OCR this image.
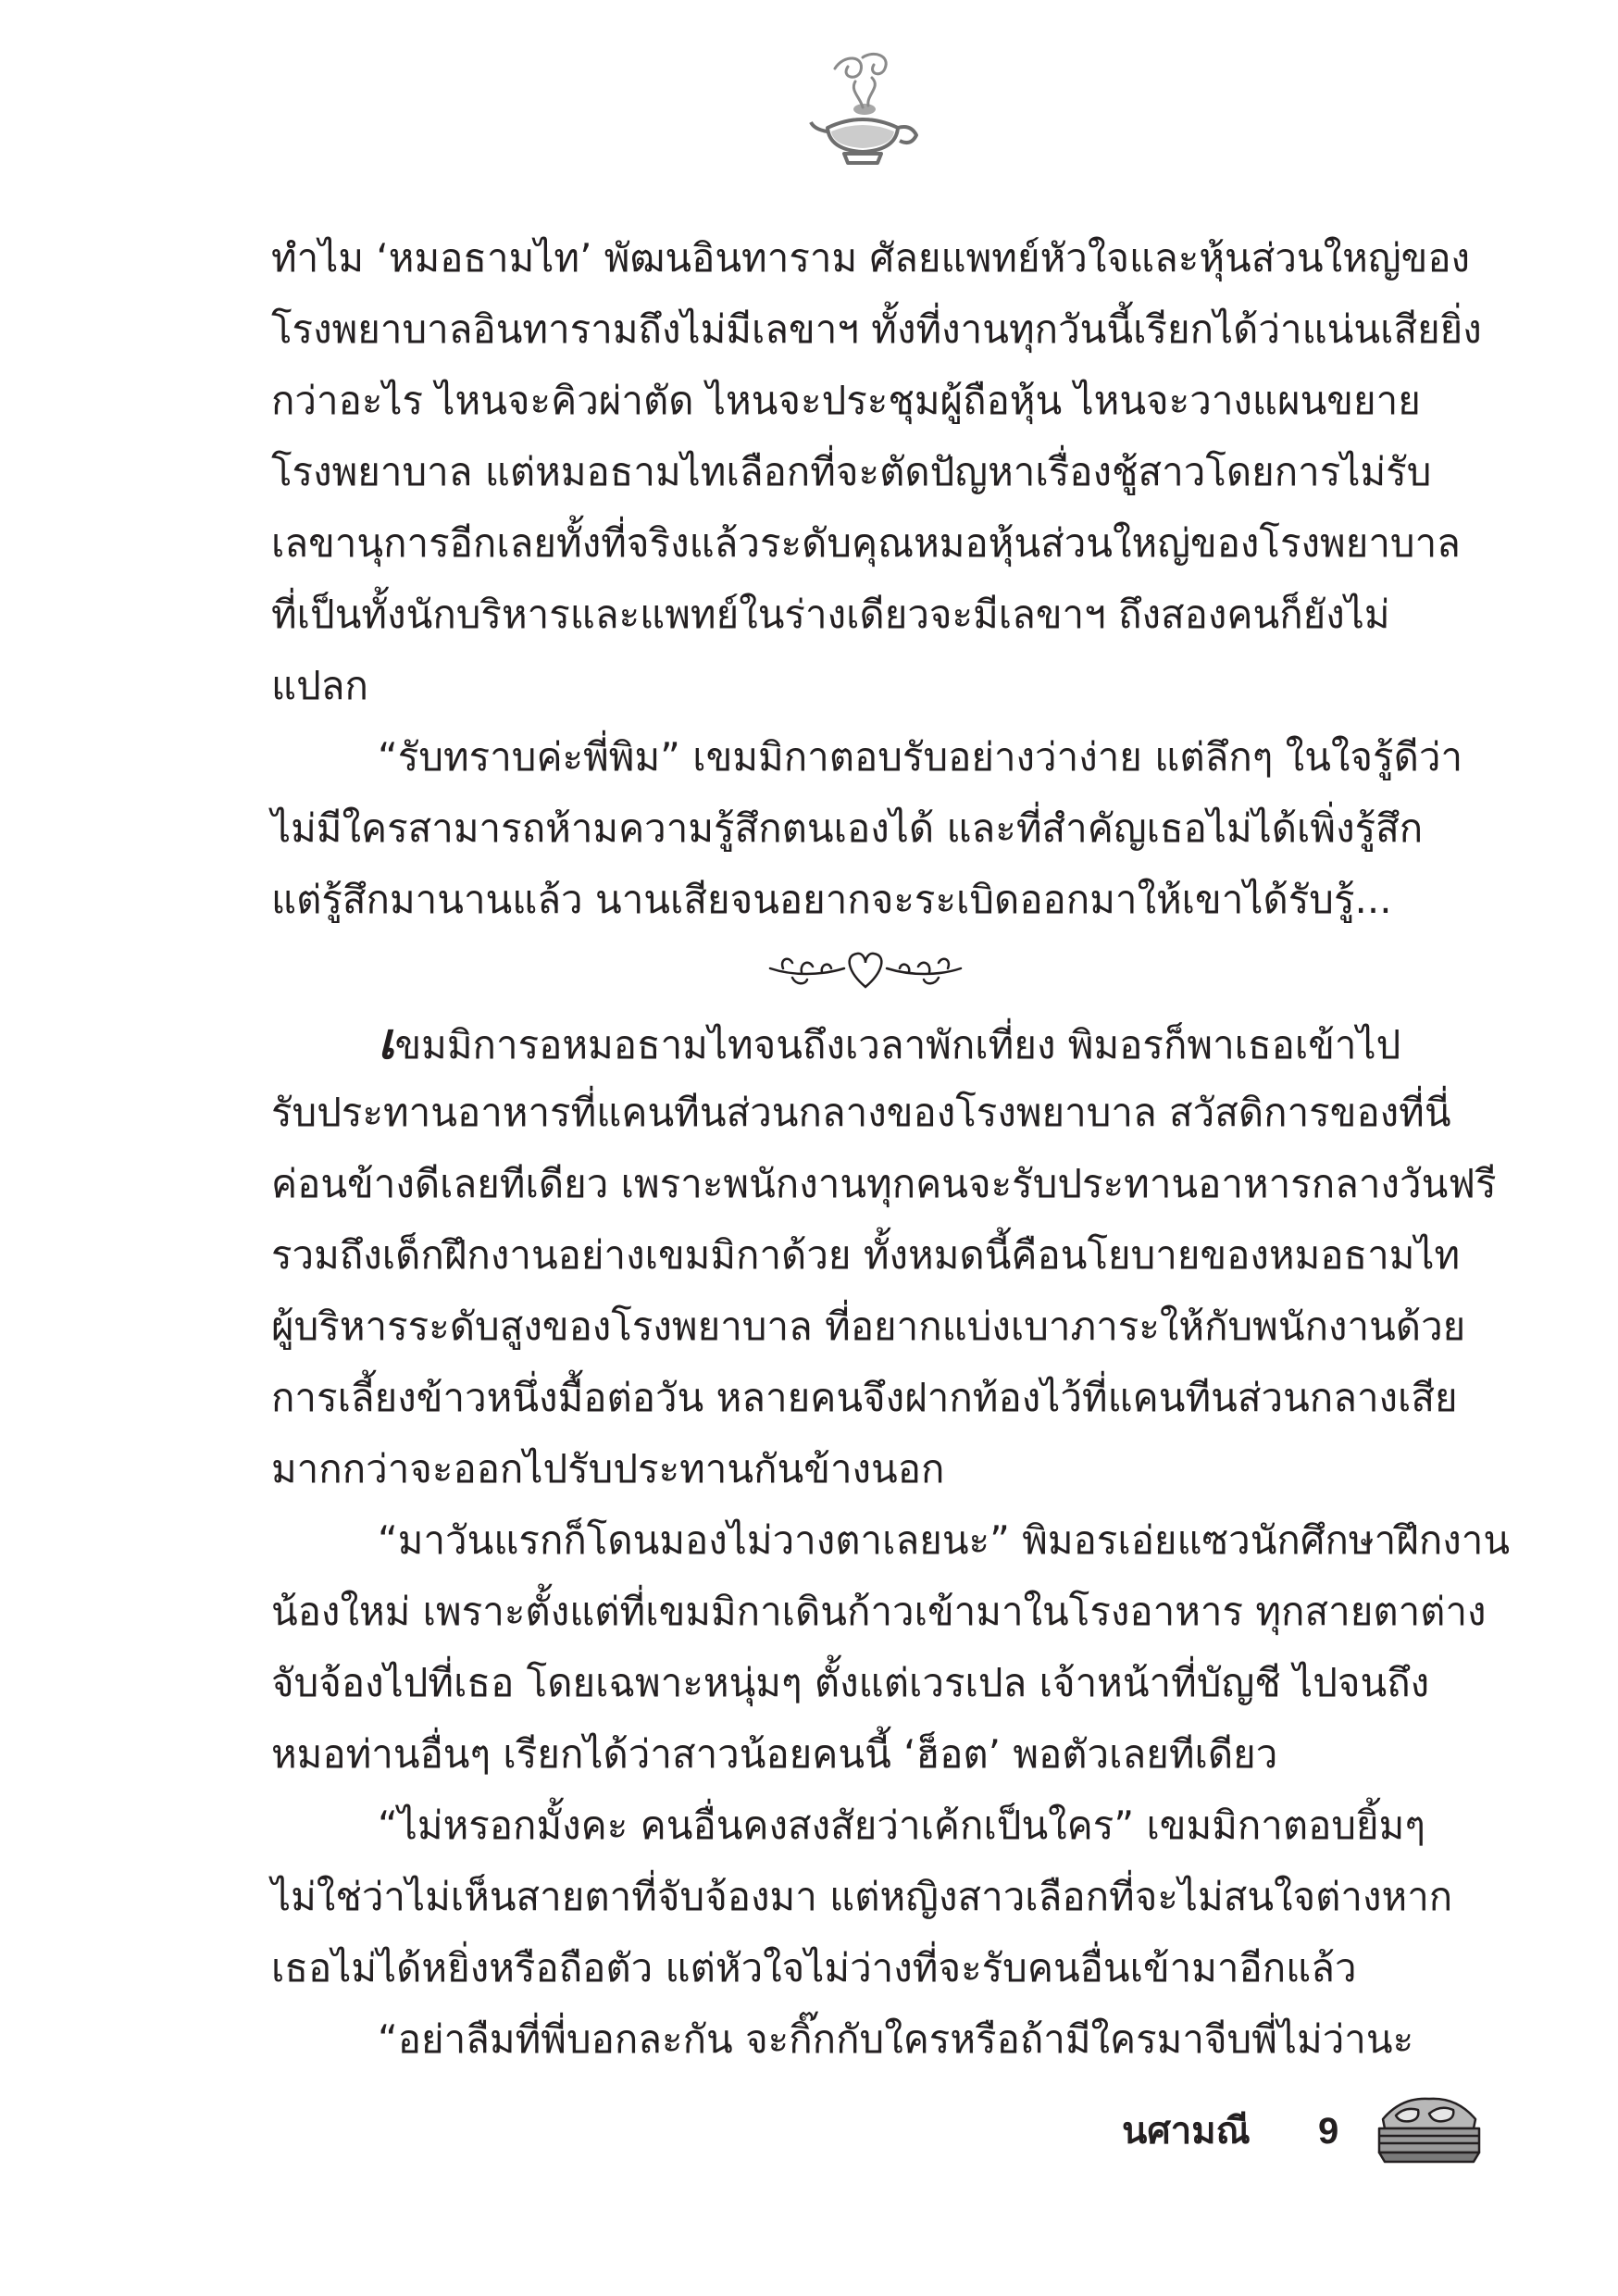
ทำไม ‘หมอธามไท’ พัฒนอินทาราม ศัลยแพทย์หัวใจและหุ้นส่วนใหญ่ของ
โรงพยาบาลอินทารามถึงไม่มีเลขาฯ ทั้งที่งานทุกวันนี้เรียกได้ว่าแน่นเสียยิ่ง
กว่าอะไร ไหนจะคิวผ่าตัด ไหนจะประชุมผู้ถือหุ้น ไหนจะวางแผนขยาย
โรงพยาบาล แต่หมอธามไทเลือกที่จะตัดปัญหาเรื่องชู้สาวโดยการไม่รับ
เลขานุการอีกเลยทั้งที่จริงแล้วระดับคุณหมอหุ้นส่วนใหญ่ของโรงพยาบาล
ที่เป็นทั้งนักบริหารและแพทย์ในร่างเดียวจะมีเลขาฯ ถึงสองคนก็ยังไม่
แปลก
“รับทราบค่ะพี่พิม” เขมมิกาตอบรับอย่างว่าง่าย แต่ลึกๆ ในใจรู้ดีว่า
ไม่มีใครสามารถห้ามความรู้สึกตนเองได้ และที่สำคัญเธอไม่ได้เพิ่งรู้สึก
แต่รู้สึกมานานแล้ว นานเสียจนอยากจะระเบิดออกมาให้เขาได้รับรู้...
เขมมิการอหมอธามไทจนถึงเวลาพักเที่ยง พิมอรก็พาเธอเข้าไป
รับประทานอาหารที่แคนทีนส่วนกลางของโรงพยาบาล สวัสดิการของที่นี่
ค่อนข้างดีเลยทีเดียว เพราะพนักงานทุกคนจะรับประทานอาหารกลางวันฟรี
รวมถึงเด็กฝึกงานอย่างเขมมิกาด้วย ทั้งหมดนี้คือนโยบายของหมอธามไท
ผู้บริหารระดับสูงของโรงพยาบาล ที่อยากแบ่งเบาภาระให้กับพนักงานด้วย
การเลี้ยงข้าวหนึ่งมื้อต่อวัน หลายคนจึงฝากท้องไว้ที่แคนทีนส่วนกลางเสีย
มากกว่าจะออกไปรับประทานกันข้างนอก
“มาวันแรกก็โดนมองไม่วางตาเลยนะ” พิมอรเอ่ยแซวนักศึกษาฝึกงาน
น้องใหม่ เพราะตั้งแต่ที่เขมมิกาเดินก้าวเข้ามาในโรงอาหาร ทุกสายตาต่าง
จับจ้องไปที่เธอ โดยเฉพาะหนุ่มๆ ตั้งแต่เวรเปล เจ้าหน้าที่บัญชี ไปจนถึง
หมอท่านอื่นๆ เรียกได้ว่าสาวน้อยคนนี้ ‘ฮ็อต’ พอตัวเลยทีเดียว
“ไม่หรอกมั้งคะ คนอื่นคงสงสัยว่าเค้กเป็นใคร” เขมมิกาตอบยิ้มๆ
ไม่ใช่ว่าไม่เห็นสายตาที่จับจ้องมา แต่หญิงสาวเลือกที่จะไม่สนใจต่างหาก
เธอไม่ได้หยิ่งหรือถือตัว แต่หัวใจไม่ว่างที่จะรับคนอื่นเข้ามาอีกแล้ว
“อย่าลืมที่พี่บอกละกัน จะกิ๊กกับใครหรือถ้ามีใครมาจีบพี่ไม่ว่านะ
นศามณี 9
